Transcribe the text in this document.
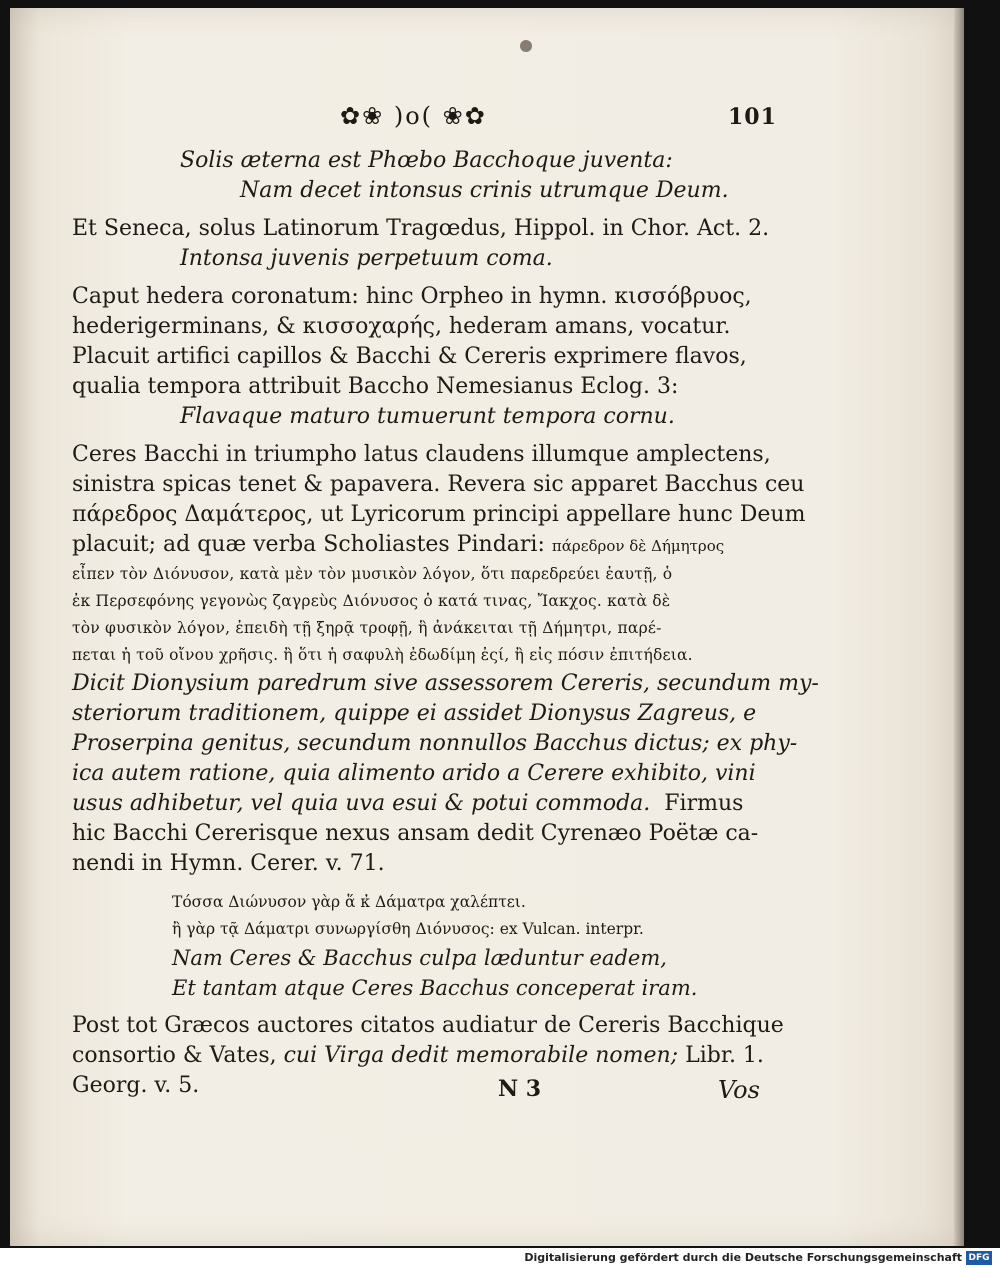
✿❀ )o( ❀✿	101
Solis æterna est Phœbo Bacchoque juventa:
Nam decet intonsus crinis utrumque Deum.
Et Seneca, solus Latinorum Tragœdus, Hippol. in Chor. Act. 2.
Intonsa juvenis perpetuum coma.
Caput hedera coronatum: hinc Orpheo in hymn. κισσόβρυος,
hederigerminans, & κισσοχαρής, hederam amans, vocatur.
Placuit artifici capillos & Bacchi & Cereris exprimere flavos,
qualia tempora attribuit Baccho Nemesianus Eclog. 3:
Flavaque maturo tumuerunt tempora cornu.
Ceres Bacchi in triumpho latus claudens illumque amplectens,
sinistra spicas tenet & papavera. Revera sic apparet Bacchus ceu
πάρεδρος Δαμάτερος, ut Lyricorum principi appellare hunc Deum
placuit; ad quæ verba Scholiastes Pindari: πάρεδρον δὲ Δήμητρος
εἶπεν τὸν Διόνυσον, κατὰ μὲν τὸν μυσικὸν λόγον, ὅτι παρεδρεύει ἑαυτῇ, ὁ
ἐκ Περσεφόνης γεγονὼς ζαγρεὺς Διόνυσος ὁ κατά τινας, Ἴακχος. κατὰ δὲ
τὸν φυσικὸν λόγον, ἐπειδὴ τῇ ξηρᾷ τροφῇ, ἣ ἀνάκειται τῇ Δήμητρι, παρέ-
πεται ἡ τοῦ οἴνου χρῆσις. ἢ ὅτι ἡ σαφυλὴ ἐδωδίμη ἐςί, ἢ εἰς πόσιν ἐπιτήδεια.
Dicit Dionysium paredrum sive assessorem Cereris, secundum my-
steriorum traditionem, quippe ei assidet Dionysus Zagreus, e
Proserpina genitus, secundum nonnullos Bacchus dictus; ex phy-
ica autem ratione, quia alimento arido a Cerere exhibito, vini
usus adhibetur, vel quia uva esui & potui commoda. Firmus
hic Bacchi Cererisque nexus ansam dedit Cyrenæo Poëtæ ca-
nendi in Hymn. Cerer. v. 71.
Τόσσα Διώνυσον γὰρ ἅ κ̓ Δάματρα χαλέπτει.
ἢ γὰρ τᾷ Δάματρι συνωργίσθη Διόνυσος: ex Vulcan. interpr.
Nam Ceres & Bacchus culpa læduntur eadem,
Et tantam atque Ceres Bacchus conceperat iram.
Post tot Græcos auctores citatos audiatur de Cereris Bacchique
consortio & Vates, cui Virga dedit memorabile nomen; Libr. 1.
Georg. v. 5.	N 3	Vos
Digitalisierung gefördert durch die Deutsche Forschungsgemeinschaft DFG
